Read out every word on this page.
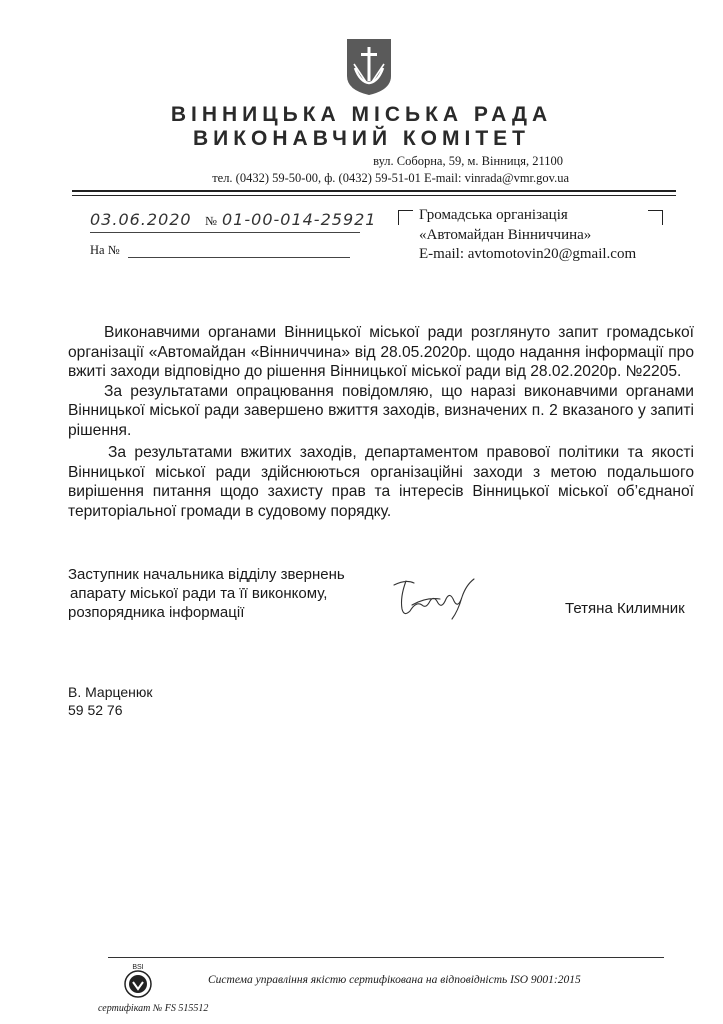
ВІННИЦЬКА МІСЬКА РАДА
ВИКОНАВЧИЙ КОМІТЕТ
вул. Соборна, 59, м. Вінниця, 21100
тел. (0432) 59-50-00, ф. (0432) 59-51-01 E-mail: vinrada@vmr.gov.ua
03.06.2020 № 01-00-014-25921
На №
Громадська організація
«Автомайдан Вінниччина»
E-mail: avtomotovin20@gmail.com

Виконавчими органами Вінницької міської ради розглянуто запит громадської організації «Автомайдан «Вінниччина» від 28.05.2020р. щодо надання інформації про вжиті заходи відповідно до рішення Вінницької міської ради від 28.02.2020р. №2205.

За результатами опрацювання повідомляю, що наразі виконавчими органами Вінницької міської ради завершено вжиття заходів, визначених п. 2 вказаного у запиті рішення.

За результатами вжитих заходів, департаментом правової політики та якості Вінницької міської ради здійснюються організаційні заходи з метою подальшого вирішення питання щодо захисту прав та інтересів Вінницької міської об’єднаної територіальної громади в судовому порядку.

Заступник начальника відділу звернень
апарату міської ради та її виконкому,
розпорядника інформації	Тетяна Килимник
В. Марценюк
59 52 76
BSI
сертифікат № FS 515512
Система управління якістю сертифікована на відповідність ISO 9001:2015
